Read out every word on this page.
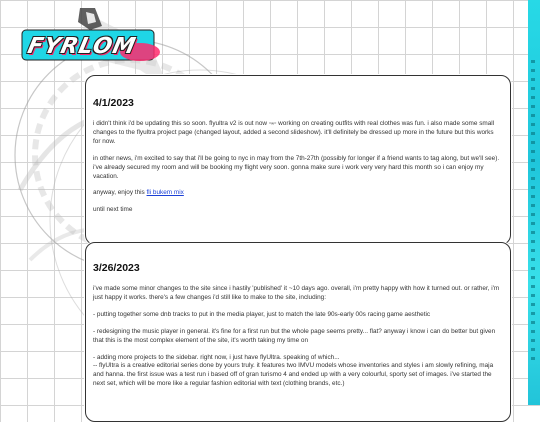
FYRLOM
4/1/2023

i didn't think i'd be updating this so soon. flyultra v2 is out now =w= working on creating outfits with real clothes was fun. i also made some small changes to the flyultra project page (changed layout, added a second slideshow). it'll definitely be dressed up more in the future but this works for now.

in other news, i'm excited to say that i'll be going to nyc in may from the 7th-27th (possibly for longer if a friend wants to tag along, but we'll see). i've already secured my room and will be booking my flight very soon. gonna make sure i work very very hard this month so i can enjoy my vacation.

anyway, enjoy this fli bukem mix

until next time

3/26/2023

i've made some minor changes to the site since i hastily 'published' it ~10 days ago. overall, i'm pretty happy with how it turned out. or rather, i'm just happy it works. there's a few changes i'd still like to make to the site, including:

- putting together some dnb tracks to put in the media player, just to match the late 90s-early 00s racing game aesthetic

- redesigning the music player in general. it's fine for a first run but the whole page seems pretty... flat? anyway i know i can do better but given that this is the most complex element of the site, it's worth taking my time on

- adding more projects to the sidebar. right now, i just have flyUltra. speaking of which...
-- flyUltra is a creative editorial series done by yours truly. it features two IMVU models whose inventories and styles i am slowly refining, maja and hanna. the first issue was a test run i based off of gran turismo 4 and ended up with a very colourful, sporty set of images. i've started the next set, which will be more like a regular fashion editorial with text (clothing brands, etc.)
